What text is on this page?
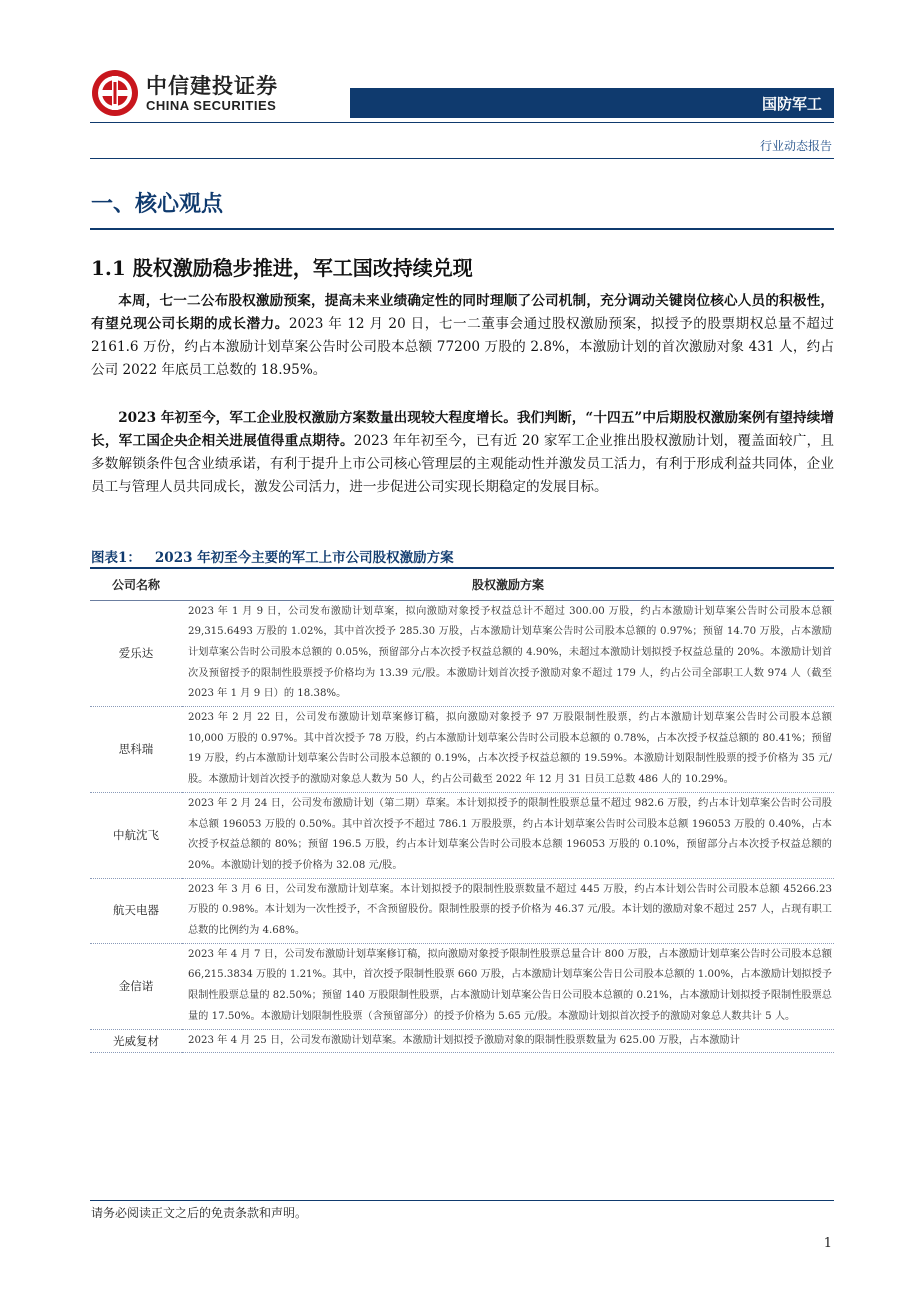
中信建投证券
CHINA SECURITIES	国防军工
行业动态报告
一、核心观点
1.1 股权激励稳步推进，军工国改持续兑现

本周，七一二公布股权激励预案，提高未来业绩确定性的同时理顺了公司机制，充分调动关键岗位核心人员的积极性，有望兑现公司长期的成长潜力。2023 年 12 月 20 日，七一二董事会通过股权激励预案，拟授予的股票期权总量不超过 2161.6 万份，约占本激励计划草案公告时公司股本总额 77200 万股的 2.8%，本激励计划的首次激励对象 431 人，约占公司 2022 年底员工总数的 18.95%。

2023 年初至今，军工企业股权激励方案数量出现较大程度增长。我们判断，“十四五”中后期股权激励案例有望持续增长，军工国企央企相关进展值得重点期待。2023 年年初至今，已有近 20 家军工企业推出股权激励计划，覆盖面较广，且多数解锁条件包含业绩承诺，有利于提升上市公司核心管理层的主观能动性并激发员工活力，有利于形成利益共同体，企业员工与管理人员共同成长，激发公司活力，进一步促进公司实现长期稳定的发展目标。

图表1： 2023 年初至今主要的军工上市公司股权激励方案
公司名称	股权激励方案
爱乐达	2023 年 1 月 9 日，公司发布激励计划草案，拟向激励对象授予权益总计不超过 300.00 万股，约占本激励计划草案公告时公司股本总额 29,315.6493 万股的 1.02%，其中首次授予 285.30 万股，占本激励计划草案公告时公司股本总额的 0.97%；预留 14.70 万股，占本激励计划草案公告时公司股本总额的 0.05%，预留部分占本次授予权益总额的 4.90%，未超过本激励计划拟授予权益总量的 20%。本激励计划首次及预留授予的限制性股票授予价格均为 13.39 元/股。本激励计划首次授予激励对象不超过 179 人，约占公司全部职工人数 974 人（截至 2023 年 1 月 9 日）的 18.38%。
思科瑞	2023 年 2 月 22 日，公司发布激励计划草案修订稿，拟向激励对象授予 97 万股限制性股票，约占本激励计划草案公告时公司股本总额 10,000 万股的 0.97%。其中首次授予 78 万股，约占本激励计划草案公告时公司股本总额的 0.78%，占本次授予权益总额的 80.41%；预留 19 万股，约占本激励计划草案公告时公司股本总额的 0.19%，占本次授予权益总额的 19.59%。本激励计划限制性股票的授予价格为 35 元/股。本激励计划首次授予的激励对象总人数为 50 人，约占公司截至 2022 年 12 月 31 日员工总数 486 人的 10.29%。
中航沈飞	2023 年 2 月 24 日，公司发布激励计划（第二期）草案。本计划拟授予的限制性股票总量不超过 982.6 万股，约占本计划草案公告时公司股本总额 196053 万股的 0.50%。其中首次授予不超过 786.1 万股股票，约占本计划草案公告时公司股本总额 196053 万股的 0.40%，占本次授予权益总额的 80%；预留 196.5 万股，约占本计划草案公告时公司股本总额 196053 万股的 0.10%，预留部分占本次授予权益总额的 20%。本激励计划的授予价格为 32.08 元/股。
航天电器	2023 年 3 月 6 日，公司发布激励计划草案。本计划拟授予的限制性股票数量不超过 445 万股，约占本计划公告时公司股本总额 45266.23 万股的 0.98%。本计划为一次性授予，不含预留股份。限制性股票的授予价格为 46.37 元/股。本计划的激励对象不超过 257 人，占现有职工总数的比例约为 4.68%。
金信诺	2023 年 4 月 7 日，公司发布激励计划草案修订稿，拟向激励对象授予限制性股票总量合计 800 万股，占本激励计划草案公告时公司股本总额 66,215.3834 万股的 1.21%。其中，首次授予限制性股票 660 万股，占本激励计划草案公告日公司股本总额的 1.00%，占本激励计划拟授予限制性股票总量的 82.50%；预留 140 万股限制性股票，占本激励计划草案公告日公司股本总额的 0.21%，占本激励计划拟授予限制性股票总量的 17.50%。本激励计划限制性股票（含预留部分）的授予价格为 5.65 元/股。本激励计划拟首次授予的激励对象总人数共计 5 人。
光威复材	2023 年 4 月 25 日，公司发布激励计划草案。本激励计划拟授予激励对象的限制性股票数量为 625.00 万股，占本激励计
请务必阅读正文之后的免责条款和声明。
1
